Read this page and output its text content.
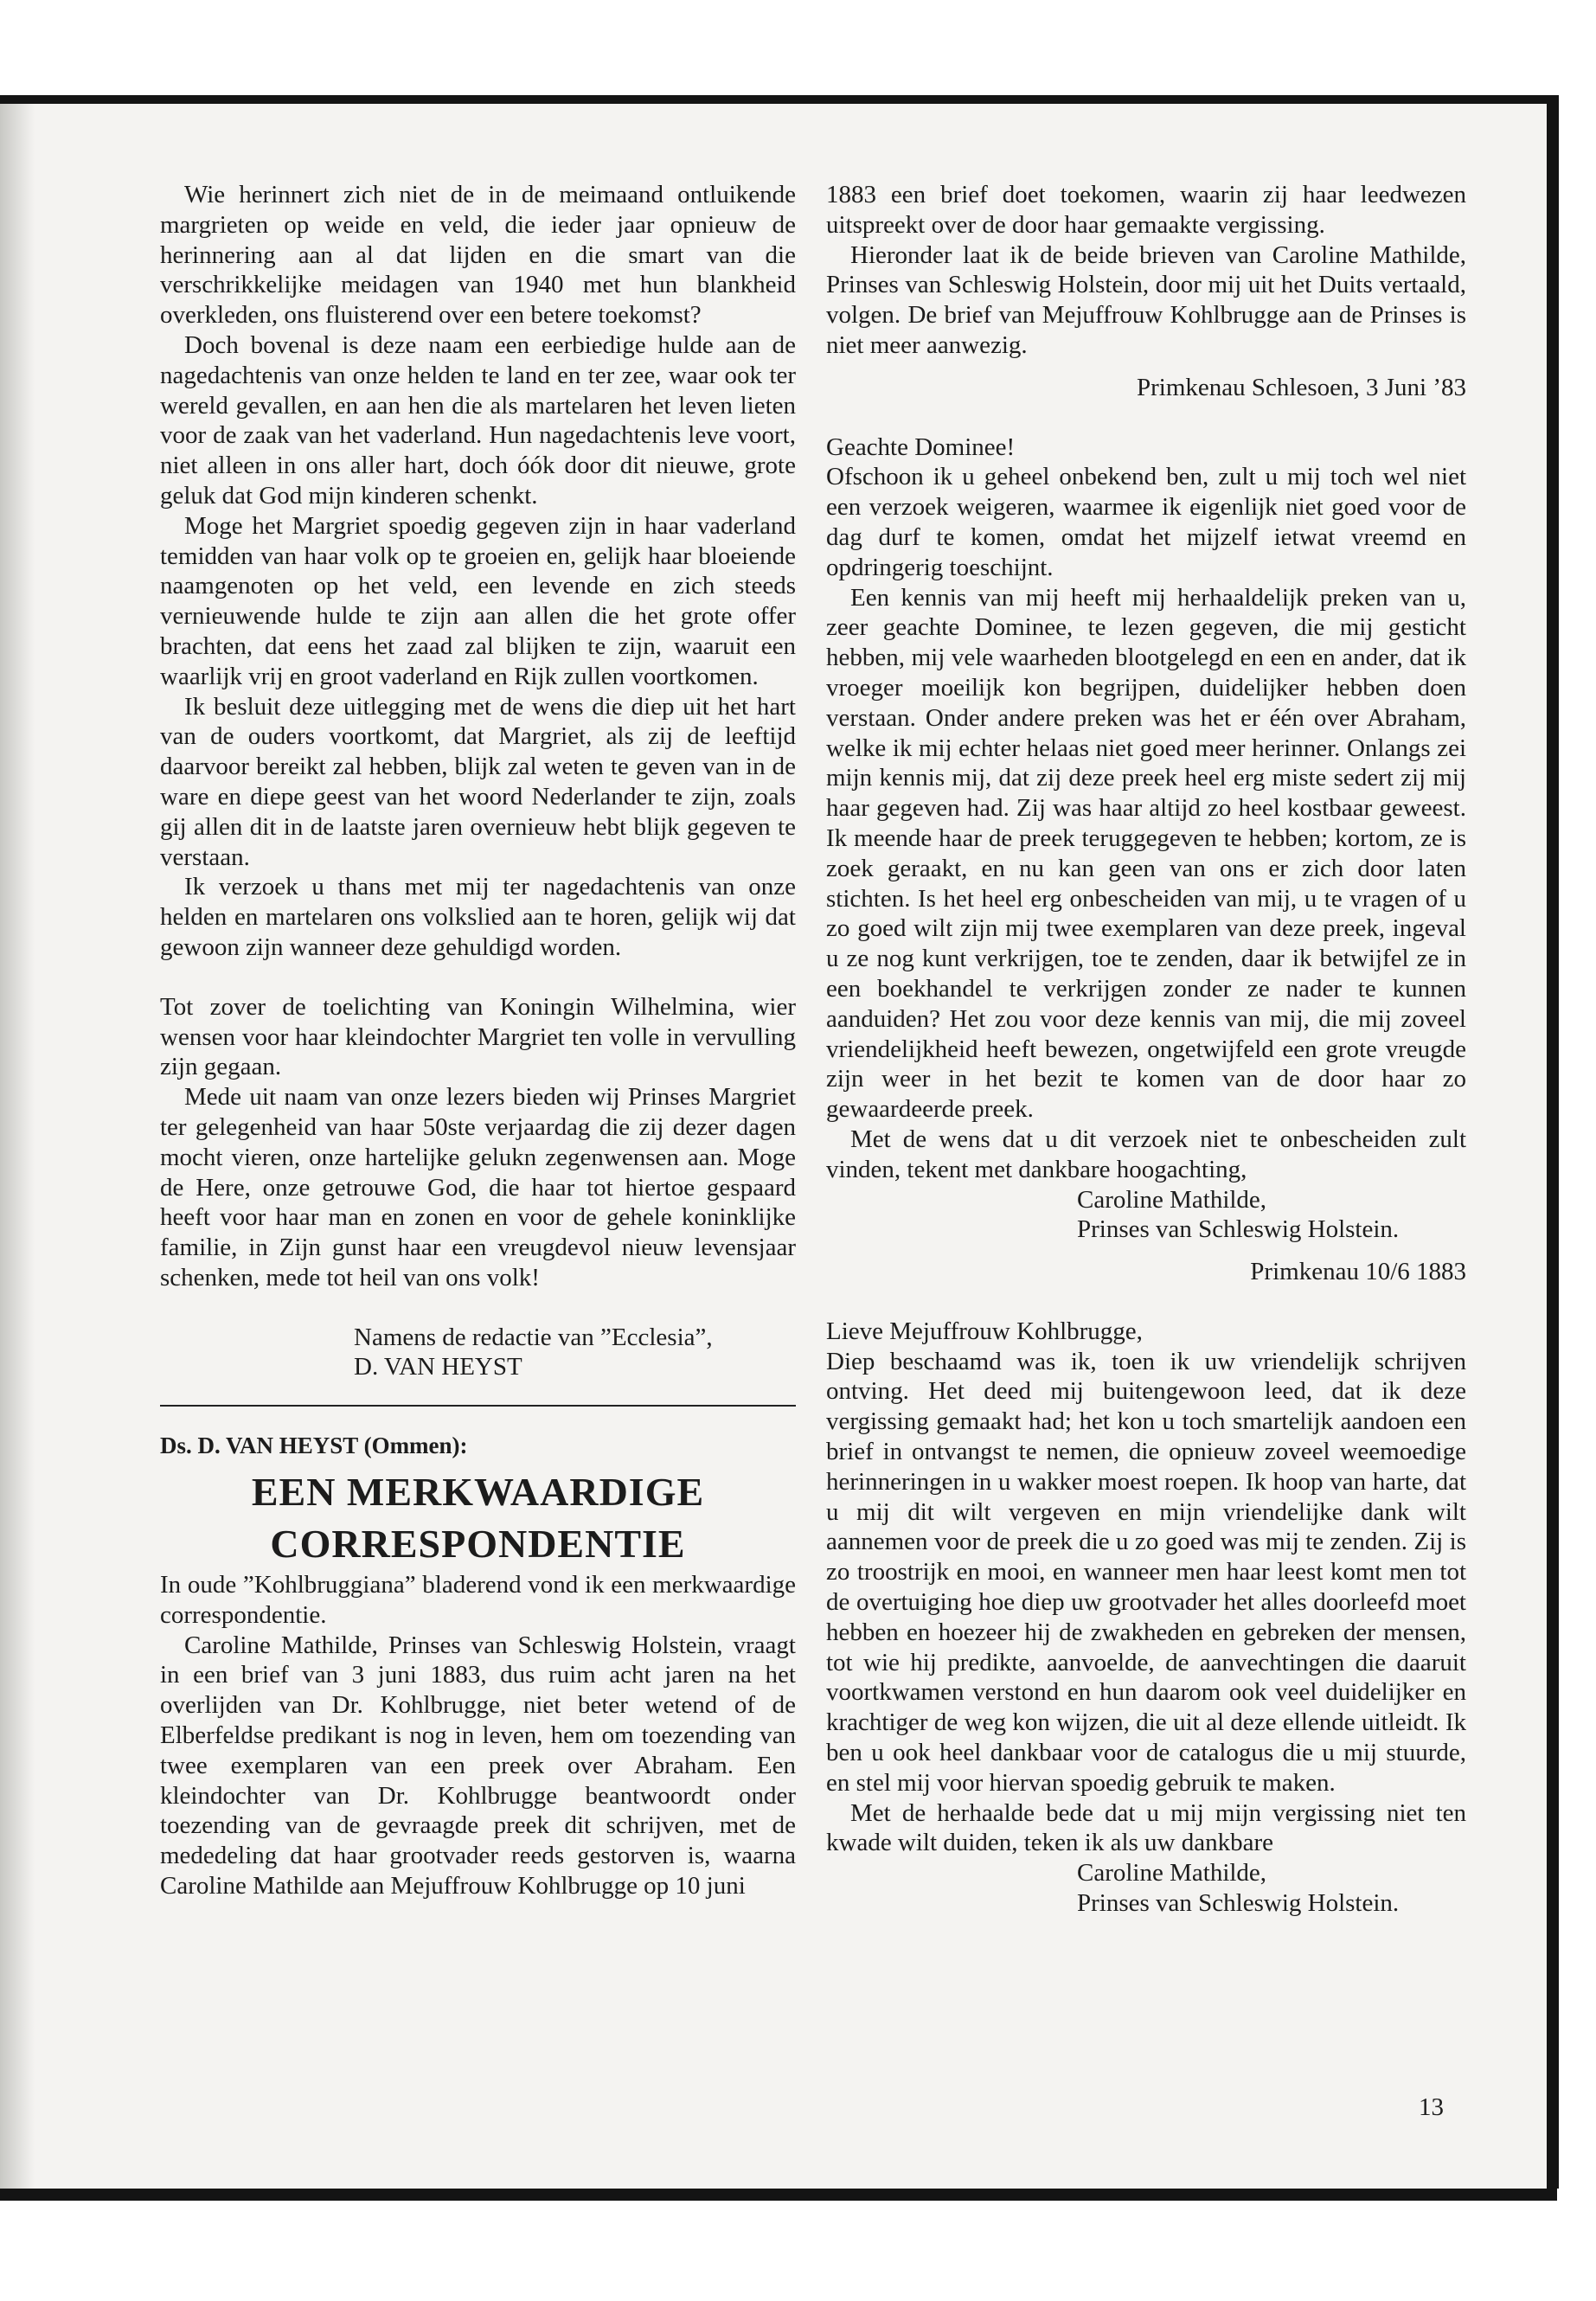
Wie herinnert zich niet de in de meimaand ontluikende margrieten op weide en veld, die ieder jaar opnieuw de herinnering aan al dat lijden en die smart van die verschrikkelijke meidagen van 1940 met hun blankheid overkleden, ons fluisterend over een betere toekomst?

Doch bovenal is deze naam een eerbiedige hulde aan de nagedachtenis van onze helden te land en ter zee, waar ook ter wereld gevallen, en aan hen die als martelaren het leven lieten voor de zaak van het vaderland. Hun nagedachtenis leve voort, niet alleen in ons aller hart, doch óók door dit nieuwe, grote geluk dat God mijn kinderen schenkt.

Moge het Margriet spoedig gegeven zijn in haar vaderland temidden van haar volk op te groeien en, gelijk haar bloeiende naamgenoten op het veld, een levende en zich steeds vernieuwende hulde te zijn aan allen die het grote offer brachten, dat eens het zaad zal blijken te zijn, waaruit een waarlijk vrij en groot vaderland en Rijk zullen voortkomen.

Ik besluit deze uitlegging met de wens die diep uit het hart van de ouders voortkomt, dat Margriet, als zij de leeftijd daarvoor bereikt zal hebben, blijk zal weten te geven van in de ware en diepe geest van het woord Nederlander te zijn, zoals gij allen dit in de laatste jaren overnieuw hebt blijk gegeven te verstaan.

Ik verzoek u thans met mij ter nagedachtenis van onze helden en martelaren ons volkslied aan te horen, gelijk wij dat gewoon zijn wanneer deze gehuldigd worden.

Tot zover de toelichting van Koningin Wilhelmina, wier wensen voor haar kleindochter Margriet ten volle in vervulling zijn gegaan.

Mede uit naam van onze lezers bieden wij Prinses Margriet ter gelegenheid van haar 50ste verjaardag die zij dezer dagen mocht vieren, onze hartelijke gelukn zegenwensen aan. Moge de Here, onze getrouwe God, die haar tot hiertoe gespaard heeft voor haar man en zonen en voor de gehele koninklijke familie, in Zijn gunst haar een vreugdevol nieuw levensjaar schenken, mede tot heil van ons volk!

Namens de redactie van ”Ecclesia”,

D. VAN HEYST

Ds. D. VAN HEYST (Ommen):

EEN MERKWAARDIGE

CORRESPONDENTIE

In oude ”Kohlbruggiana” bladerend vond ik een merkwaardige correspondentie.

Caroline Mathilde, Prinses van Schleswig Holstein, vraagt in een brief van 3 juni 1883, dus ruim acht jaren na het overlijden van Dr. Kohlbrugge, niet beter wetend of de Elberfeldse predikant is nog in leven, hem om toezending van twee exemplaren van een preek over Abraham. Een kleindochter van Dr. Kohlbrugge beantwoordt onder toezending van de gevraagde preek dit schrijven, met de mededeling dat haar grootvader reeds gestorven is, waarna Caroline Mathilde aan Mejuffrouw Kohlbrugge op 10 juni

1883 een brief doet toekomen, waarin zij haar leedwezen uitspreekt over de door haar gemaakte vergissing.

Hieronder laat ik de beide brieven van Caroline Mathilde, Prinses van Schleswig Holstein, door mij uit het Duits vertaald, volgen. De brief van Mejuffrouw Kohlbrugge aan de Prinses is niet meer aanwezig.

Primkenau Schlesoen, 3 Juni ’83

Geachte Dominee!

Ofschoon ik u geheel onbekend ben, zult u mij toch wel niet een verzoek weigeren, waarmee ik eigenlijk niet goed voor de dag durf te komen, omdat het mijzelf ietwat vreemd en opdringerig toeschijnt.

Een kennis van mij heeft mij herhaaldelijk preken van u, zeer geachte Dominee, te lezen gegeven, die mij gesticht hebben, mij vele waarheden blootgelegd en een en ander, dat ik vroeger moeilijk kon begrijpen, duidelijker hebben doen verstaan. Onder andere preken was het er één over Abraham, welke ik mij echter helaas niet goed meer herinner. Onlangs zei mijn kennis mij, dat zij deze preek heel erg miste sedert zij mij haar gegeven had. Zij was haar altijd zo heel kostbaar geweest. Ik meende haar de preek teruggegeven te hebben; kortom, ze is zoek geraakt, en nu kan geen van ons er zich door laten stichten. Is het heel erg onbescheiden van mij, u te vragen of u zo goed wilt zijn mij twee exemplaren van deze preek, ingeval u ze nog kunt verkrijgen, toe te zenden, daar ik betwijfel ze in een boekhandel te verkrijgen zonder ze nader te kunnen aanduiden? Het zou voor deze kennis van mij, die mij zoveel vriendelijkheid heeft bewezen, ongetwijfeld een grote vreugde zijn weer in het bezit te komen van de door haar zo gewaardeerde preek.

Met de wens dat u dit verzoek niet te onbescheiden zult vinden, tekent met dankbare hoogachting,

Caroline Mathilde,

Prinses van Schleswig Holstein.

Primkenau 10/6 1883

Lieve Mejuffrouw Kohlbrugge,

Diep beschaamd was ik, toen ik uw vriendelijk schrijven ontving. Het deed mij buitengewoon leed, dat ik deze vergissing gemaakt had; het kon u toch smartelijk aandoen een brief in ontvangst te nemen, die opnieuw zoveel weemoedige herinneringen in u wakker moest roepen. Ik hoop van harte, dat u mij dit wilt vergeven en mijn vriendelijke dank wilt aannemen voor de preek die u zo goed was mij te zenden. Zij is zo troostrijk en mooi, en wanneer men haar leest komt men tot de overtuiging hoe diep uw grootvader het alles doorleefd moet hebben en hoezeer hij de zwakheden en gebreken der mensen, tot wie hij predikte, aanvoelde, de aanvechtingen die daaruit voortkwamen verstond en hun daarom ook veel duidelijker en krachtiger de weg kon wijzen, die uit al deze ellende uitleidt. Ik ben u ook heel dankbaar voor de catalogus die u mij stuurde, en stel mij voor hiervan spoedig gebruik te maken.

Met de herhaalde bede dat u mij mijn vergissing niet ten kwade wilt duiden, teken ik als uw dankbare

Caroline Mathilde,

Prinses van Schleswig Holstein.

13
